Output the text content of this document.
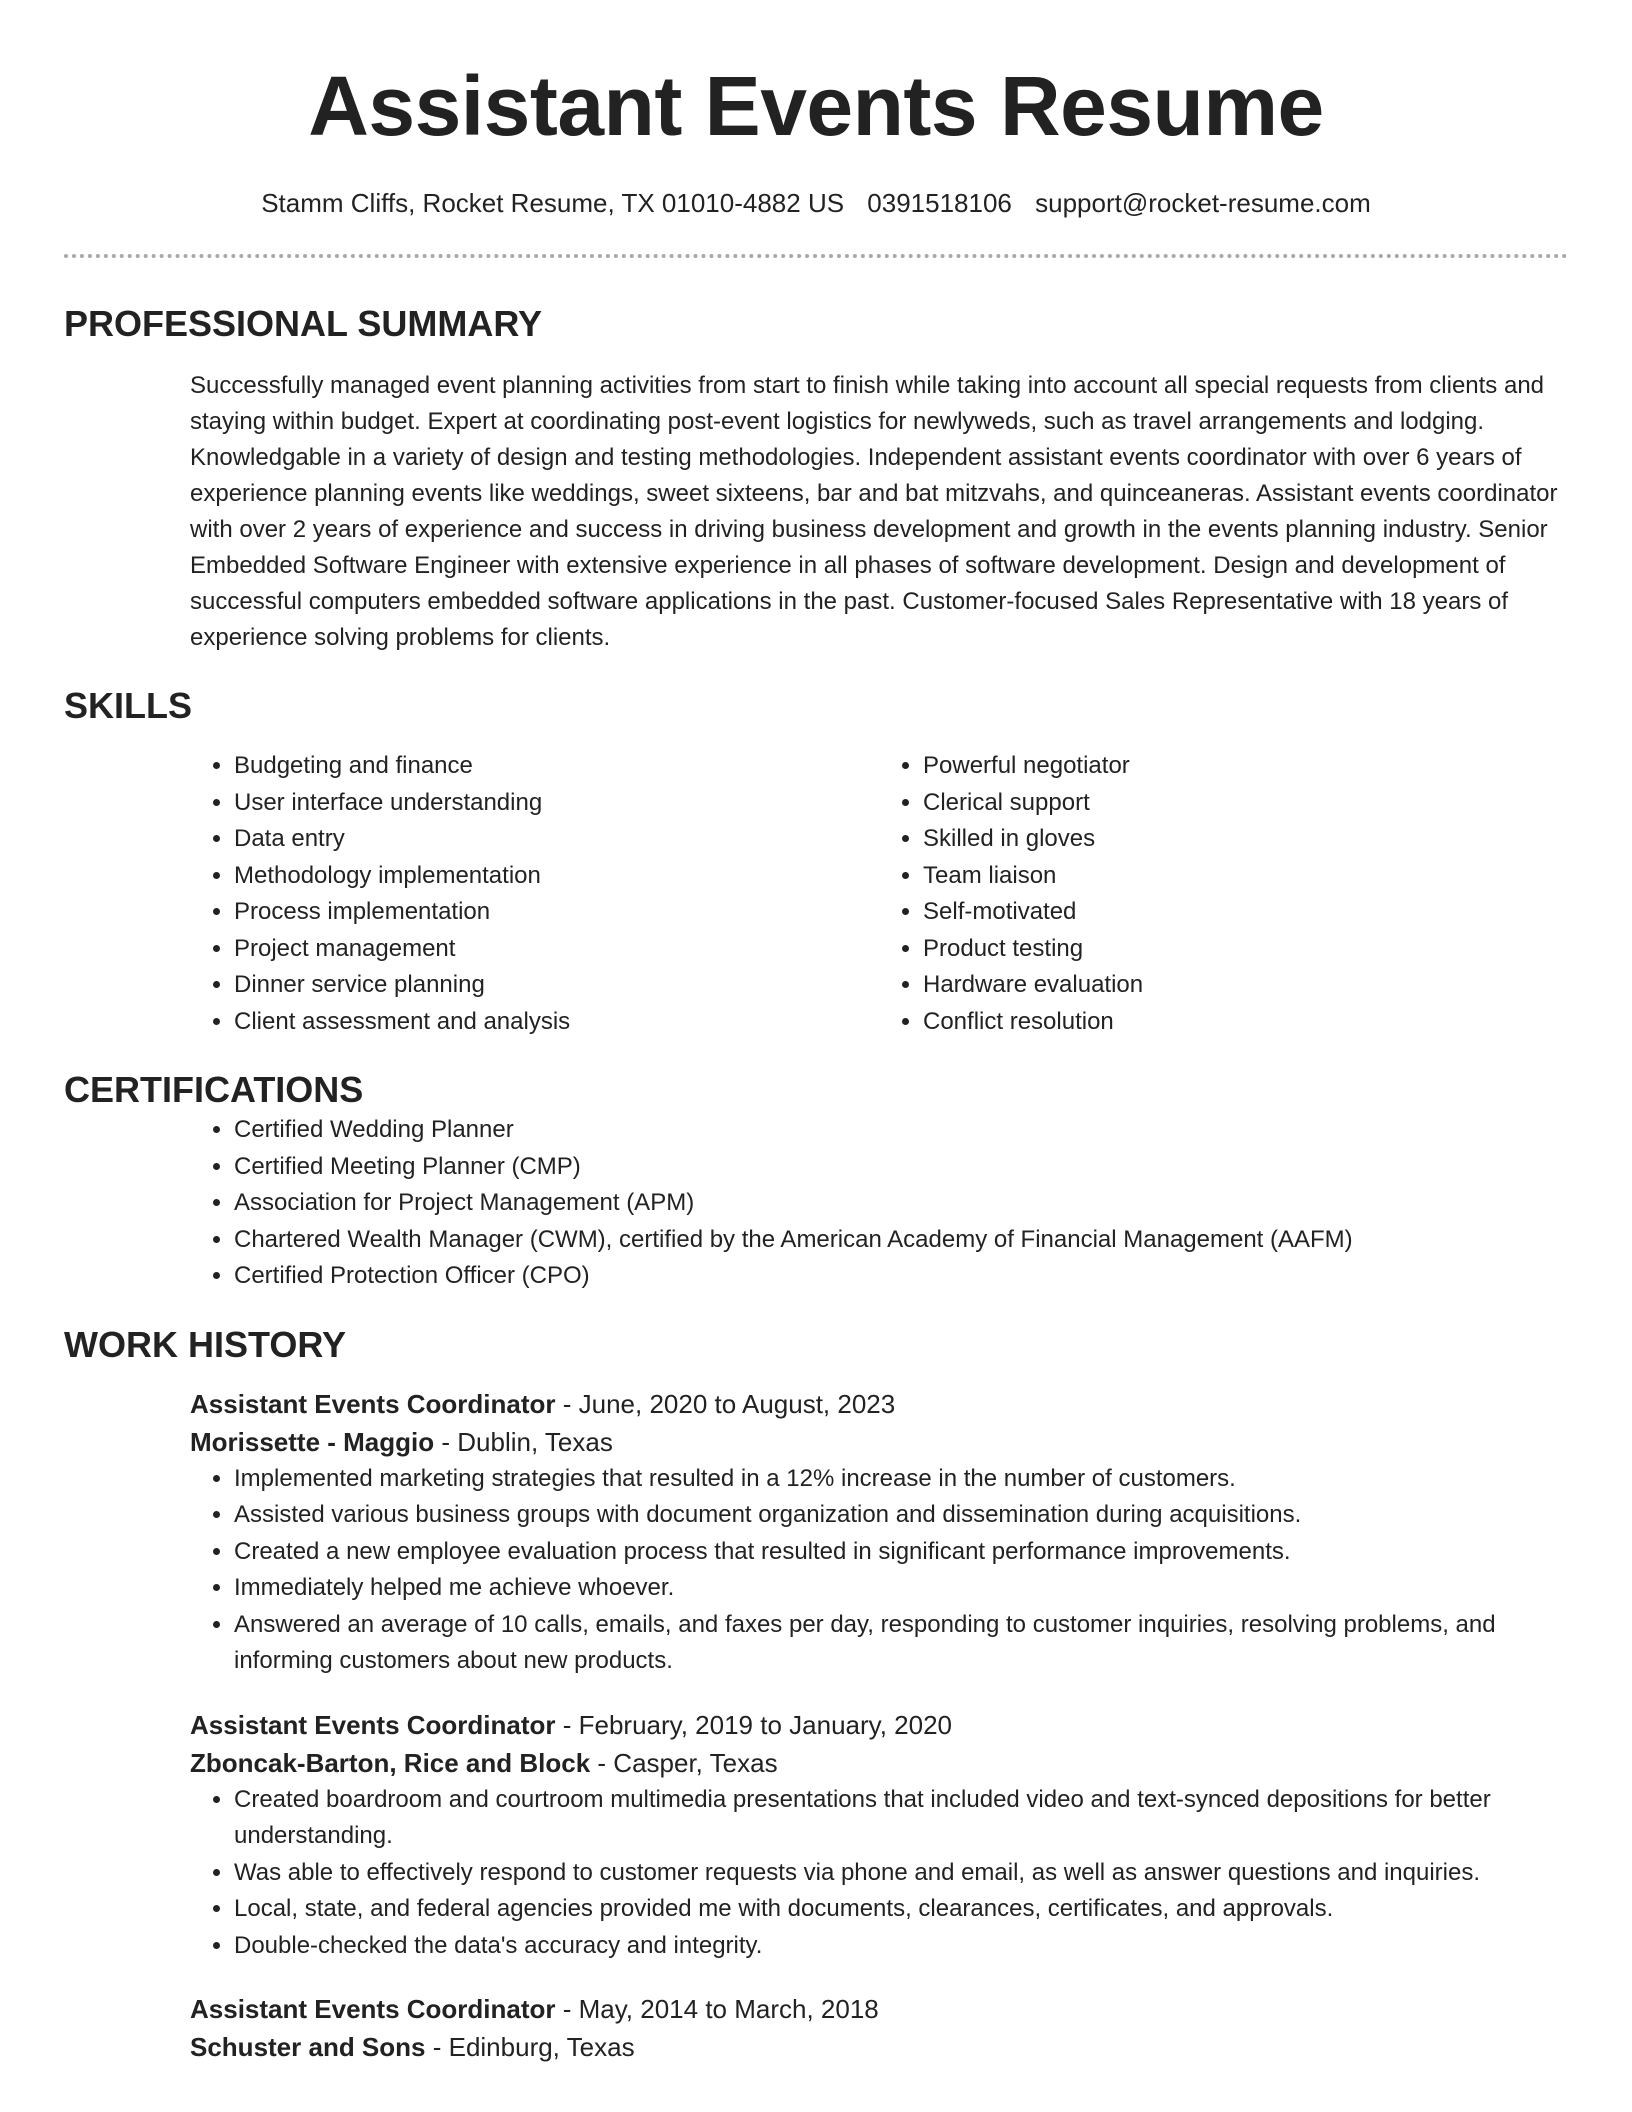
Assistant Events Resume
Stamm Cliffs, Rocket Resume, TX 01010-4882 US 0391518106 support@rocket-resume.com
PROFESSIONAL SUMMARY

Successfully managed event planning activities from start to finish while taking into account all special requests from clients and staying within budget. Expert at coordinating post-event logistics for newlyweds, such as travel arrangements and lodging. Knowledgable in a variety of design and testing methodologies. Independent assistant events coordinator with over 6 years of experience planning events like weddings, sweet sixteens, bar and bat mitzvahs, and quinceaneras. Assistant events coordinator with over 2 years of experience and success in driving business development and growth in the events planning industry. Senior Embedded Software Engineer with extensive experience in all phases of software development. Design and development of successful computers embedded software applications in the past. Customer-focused Sales Representative with 18 years of experience solving problems for clients.

SKILLS
• Budgeting and finance
• User interface understanding
• Data entry
• Methodology implementation
• Process implementation
• Project management
• Dinner service planning
• Client assessment and analysis
• Powerful negotiator
• Clerical support
• Skilled in gloves
• Team liaison
• Self-motivated
• Product testing
• Hardware evaluation
• Conflict resolution
CERTIFICATIONS
• Certified Wedding Planner
• Certified Meeting Planner (CMP)
• Association for Project Management (APM)
• Chartered Wealth Manager (CWM), certified by the American Academy of Financial Management (AAFM)
• Certified Protection Officer (CPO)
WORK HISTORY
Assistant Events Coordinator - June, 2020 to August, 2023
Morissette - Maggio - Dublin, Texas
• Implemented marketing strategies that resulted in a 12% increase in the number of customers.
• Assisted various business groups with document organization and dissemination during acquisitions.
• Created a new employee evaluation process that resulted in significant performance improvements.
• Immediately helped me achieve whoever.
• Answered an average of 10 calls, emails, and faxes per day, responding to customer inquiries, resolving problems, and informing customers about new products.
Assistant Events Coordinator - February, 2019 to January, 2020
Zboncak-Barton, Rice and Block - Casper, Texas
• Created boardroom and courtroom multimedia presentations that included video and text-synced depositions for better understanding.
• Was able to effectively respond to customer requests via phone and email, as well as answer questions and inquiries.
• Local, state, and federal agencies provided me with documents, clearances, certificates, and approvals.
• Double-checked the data's accuracy and integrity.
Assistant Events Coordinator - May, 2014 to March, 2018
Schuster and Sons - Edinburg, Texas
